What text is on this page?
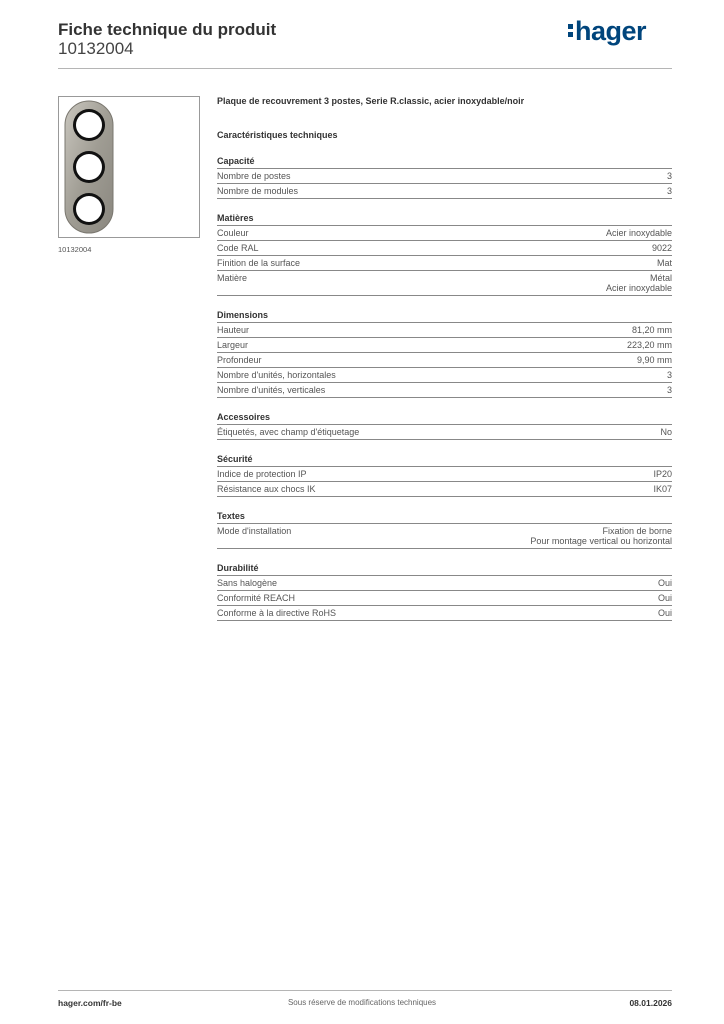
Fiche technique du produit
10132004
hager
10132004
Plaque de recouvrement 3 postes, Serie R.classic, acier inoxydable/noir
Caractéristiques techniques
Capacité
Nombre de postes	3
Nombre de modules	3
Matières
Couleur	Acier inoxydable
Code RAL	9022
Finition de la surface	Mat
Matière	Métal
Acier inoxydable
Dimensions
Hauteur	81,20 mm
Largeur	223,20 mm
Profondeur	9,90 mm
Nombre d'unités, horizontales	3
Nombre d'unités, verticales	3
Accessoires
Étiquetés, avec champ d'étiquetage	No
Sécurité
Indice de protection IP	IP20
Résistance aux chocs IK	IK07
Textes
Mode d'installation	Fixation de borne
Pour montage vertical ou horizontal
Durabilité
Sans halogène	Oui
Conformité REACH	Oui
Conforme à la directive RoHS	Oui
hager.com/fr-be	Sous réserve de modifications techniques	08.01.2026
